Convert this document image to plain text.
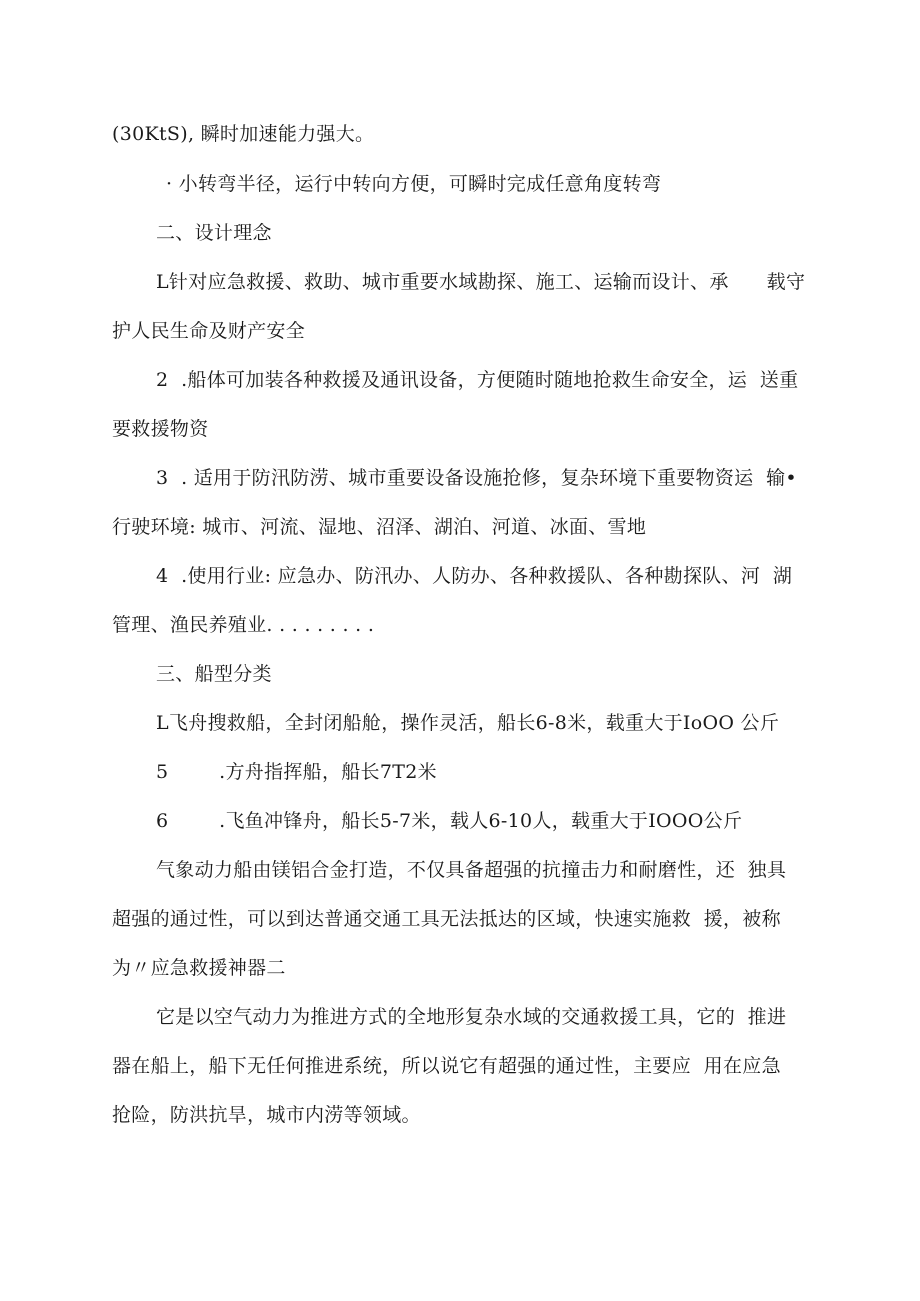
(30KtS), 瞬时加速能力强大。
· 小转弯半径，运行中转向方便，可瞬时完成任意角度转弯
二、设计理念
L针对应急救援、救助、城市重要水域勘探、施工、运输而设计、承      载守
护人民生命及财产安全
2  .船体可加装各种救援及通讯设备，方便随时随地抢救生命安全，运  送重
要救援物资
3  . 适用于防汛防涝、城市重要设备设施抢修，复杂环境下重要物资运  输•
行驶环境: 城市、河流、湿地、沼泽、湖泊、河道、冰面、雪地
4  .使用行业: 应急办、防汛办、人防办、各种救援队、各种勘探队、河  湖
管理、渔民养殖业. . . . . . . . .
三、船型分类
L飞舟搜救船，全封闭船舱，操作灵活，船长6-8米，载重大于IoOO 公斤
5        .方舟指挥船，船长7T2米
6        .飞鱼冲锋舟，船长5-7米，载人6-10人，载重大于IOOO公斤
气象动力船由镁铝合金打造，不仅具备超强的抗撞击力和耐磨性，还  独具
超强的通过性，可以到达普通交通工具无法抵达的区域，快速实施救  援，被称
为〃应急救援神器二
它是以空气动力为推进方式的全地形复杂水域的交通救援工具，它的  推进
器在船上，船下无任何推进系统，所以说它有超强的通过性，主要应  用在应急
抢险，防洪抗旱，城市内涝等领域。
